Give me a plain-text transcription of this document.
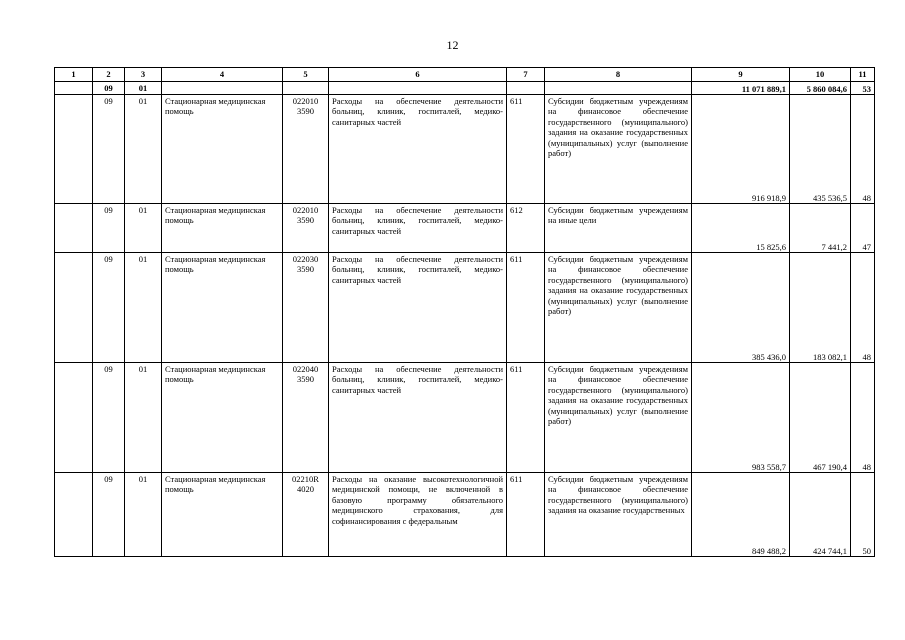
12
1	2	3	4	5	6	7	8	9	10	11
	09	01						11 071 889,1	5 860 084,6	53
	09	01	Стационарная медицинская помощь	022010 3590	Расходы на обеспечение деятельности больниц, клиник, госпиталей, медико-санитарных частей	611	Субсидии бюджетным учреждениям на финансовое обеспечение государственного (муниципального) задания на оказание государственных (муниципальных) услуг (выполнение работ)	916 918,9	435 536,5	48
	09	01	Стационарная медицинская помощь	022010 3590	Расходы на обеспечение деятельности больниц, клиник, госпиталей, медико-санитарных частей	612	Субсидии бюджетным учреждениям на иные цели	15 825,6	7 441,2	47
	09	01	Стационарная медицинская помощь	022030 3590	Расходы на обеспечение деятельности больниц, клиник, госпиталей, медико-санитарных частей	611	Субсидии бюджетным учреждениям на финансовое обеспечение государственного (муниципального) задания на оказание государственных (муниципальных) услуг (выполнение работ)	385 436,0	183 082,1	48
	09	01	Стационарная медицинская помощь	022040 3590	Расходы на обеспечение деятельности больниц, клиник, госпиталей, медико-санитарных частей	611	Субсидии бюджетным учреждениям на финансовое обеспечение государственного (муниципального) задания на оказание государственных (муниципальных) услуг (выполнение работ)	983 558,7	467 190,4	48
	09	01	Стационарная медицинская помощь	02210R 4020	Расходы на оказание высокотехнологичной медицинской помощи, не включенной в базовую программу обязательного медицинского страхования, для софинансирования с федеральным	611	Субсидии бюджетным учреждениям на финансовое обеспечение государственного (муниципального) задания на оказание государственных	849 488,2	424 744,1	50
